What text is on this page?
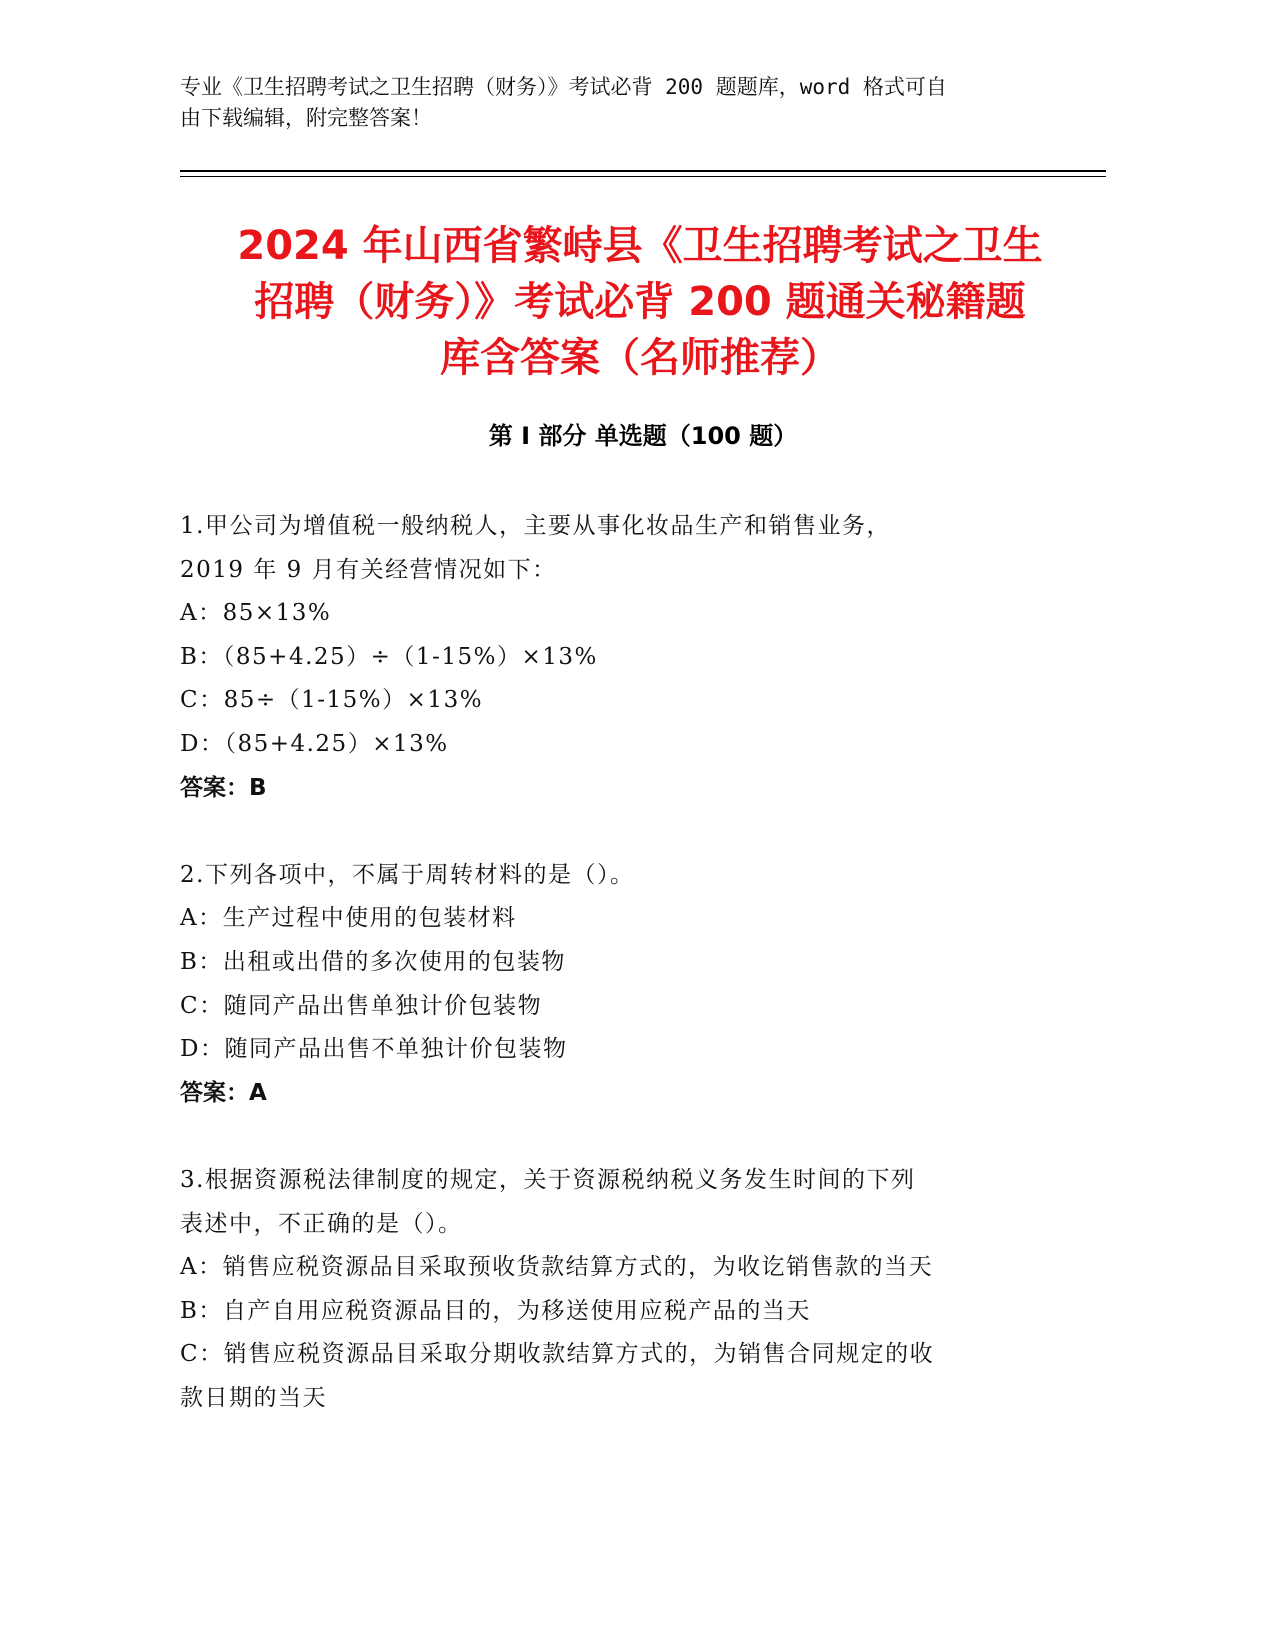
专业《卫生招聘考试之卫生招聘（财务）》考试必背 200 题题库，word 格式可自
由下载编辑，附完整答案！
2024 年山西省繁峙县《卫生招聘考试之卫生
招聘（财务）》考试必背 200 题通关秘籍题
库含答案（名师推荐）
第 I 部分 单选题（100 题）
1.甲公司为增值税一般纳税人，主要从事化妆品生产和销售业务，
2019 年 9 月有关经营情况如下：
A：85×13%
B：（85+4.25）÷（1-15%）×13%
C：85÷（1-15%）×13%
D：（85+4.25）×13%
答案：B
2.下列各项中，不属于周转材料的是（）。
A：生产过程中使用的包装材料
B：出租或出借的多次使用的包装物
C：随同产品出售单独计价包装物
D：随同产品出售不单独计价包装物
答案：A
3.根据资源税法律制度的规定，关于资源税纳税义务发生时间的下列
表述中，不正确的是（）。
A：销售应税资源品目采取预收货款结算方式的，为收讫销售款的当天
B：自产自用应税资源品目的，为移送使用应税产品的当天
C：销售应税资源品目采取分期收款结算方式的，为销售合同规定的收
款日期的当天
